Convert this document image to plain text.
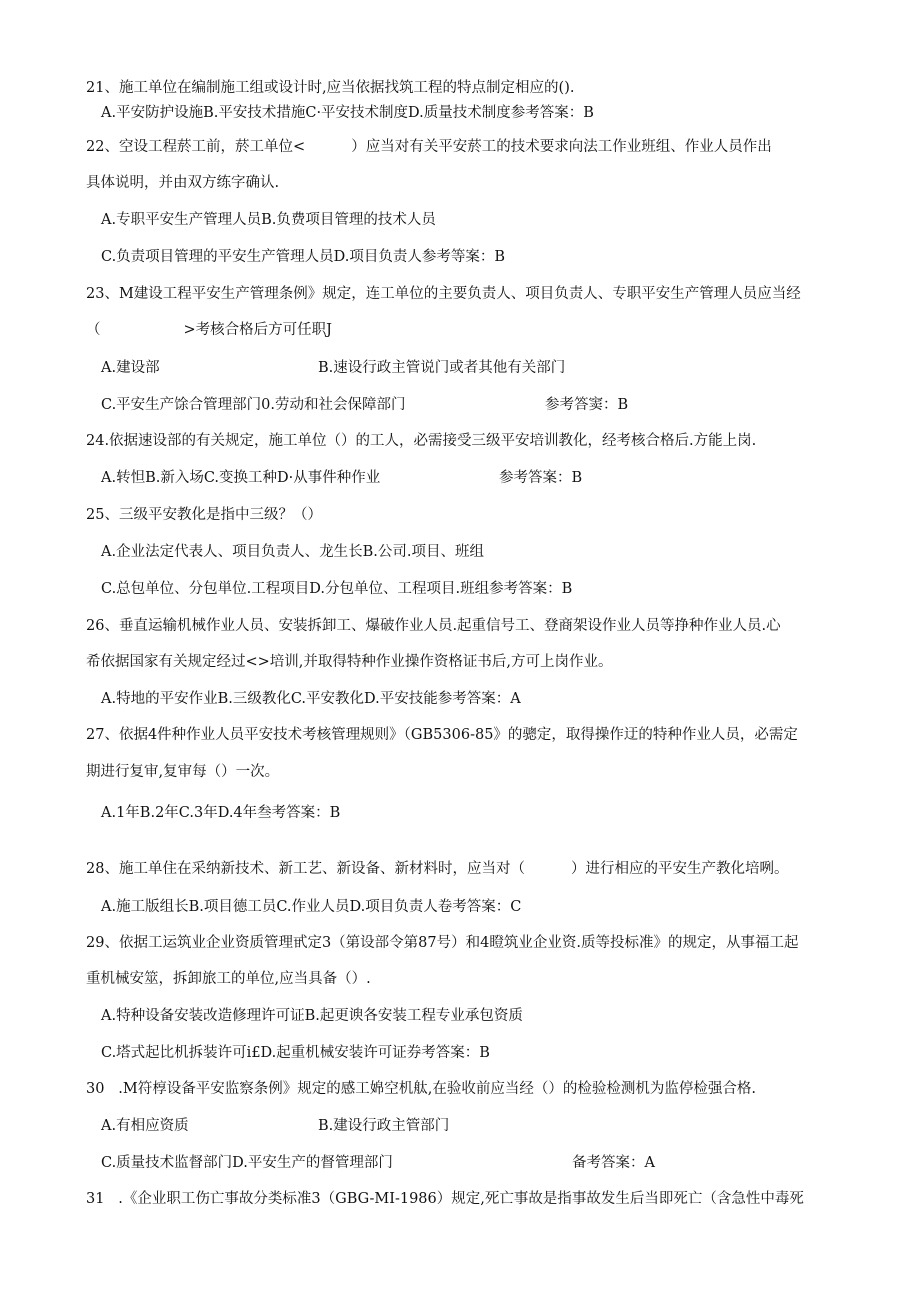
21、施工单位在编制施工组或设计时,应当依据找筑工程的特点制定相应的().
A.平安防护设施B.平安技术措施C·平安技术制度D.质量技术制度参考答案：B
22、空设工程菸工前，菸工单位<          ）应当对有关平安菸工的技术要求向法工作业班组、作业人员作出
具体说明，并由双方练字确认.
A.专职平安生产管理人员B.负费项目管理的技术人员
C.负责项目管理的平安生产管理人员D.项目负责人参考等案：B
23、M建设工程平安生产管理条例》规定，连工单位的主要负责人、项目负责人、专职平安生产管理人员应当经
（                  >考核合格后方可任职J
A.建设部	B.速设行政主管说门或者其他有关部门
C.平安生产馀合管理部门0.劳动和社会保障部门	参考答窦：B
24.依据速设部的有关规定，施工单位（）的工人，必需接受三级平安培训教化，经考核合格后.方能上岗.
A.转怛B.新入场C.变换工种D·从事件种作业	参考答案：B
25、三级平安教化是指中三级？（）
A.企业法定代表人、项目负责人、龙生长B.公司.项目、班组
C.总包单位、分包単位.工程项目D.分包单位、工程项目.班组参考答案：B
26、垂直运输机械作业人员、安装拆卸工、爆破作业人员.起重信号工、登商架设作业人员等挣种作业人员.心
希依据国家有关规定经过<>培训,并取得特种作业操作资格证书后,方可上岗作业。
A.特地的平安作业B.三级教化C.平安教化D.平安技能参考答案：A
27、依据4件种作业人员平安技术考核管理规则》（GB5306-85》的骢定，取得操作迂的特种作业人员，必需定
期进行复审,复审每（）一次。
A.1年B.2年C.3年D.4年叁考答案：B
28、施工单住在采纳新技术、新工艺、新设备、新材料时，应当对（          ）进行相应的平安生产教化培咧。
A.施工版组长B.项目德工员C.作业人员D.项目负责人卷考答案：C
29、依据工运筑业企业资质管理甙定3（第设部令第87号）和4瞪筑业企业资.质等投标准》的规定，从事福工起
重机械安筮，拆卸旅工的单位,应当具备（）.
A.特种设备安装改造修理许可证B.起更谀各安装工程专业承包资质
C.塔式起比机拆装许可i£D.起重机械安装许可证券考答案：B
30   .M符椁设备平安监察条例》规定的感工婂空机舦,在验收前应当经（）的检验检测机为监停检强合格.
A.有相应资质	B.建设行政主管部门
C.质量技术监督部门D.平安生产的督管理部门	备考答案：A
31   .《企业职工伤亡事故分类标准3（GBG-MI-1986）规定,死亡事故是指事故发生后当即死亡（含急性中毒死
